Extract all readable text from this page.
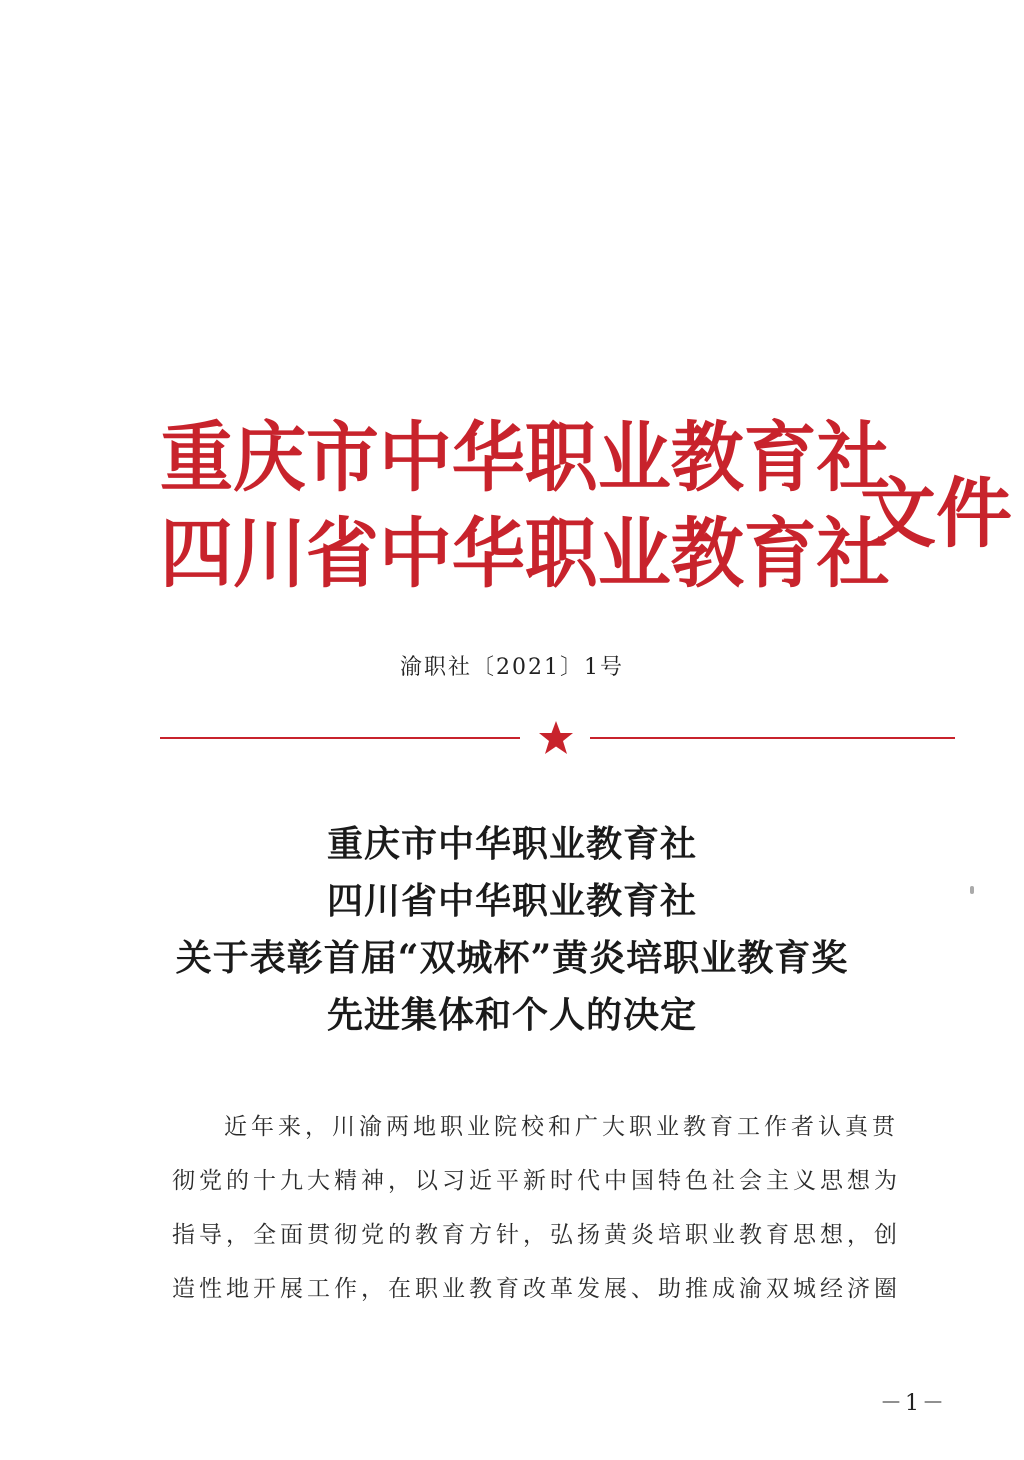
重庆市中华职业教育社
四川省中华职业教育社
文件
渝职社〔2021〕1号
重庆市中华职业教育社
四川省中华职业教育社
关于表彰首届“双城杯”黄炎培职业教育奖
先进集体和个人的决定
近年来，川渝两地职业院校和广大职业教育工作者认真贯
彻党的十九大精神，以习近平新时代中国特色社会主义思想为
指导，全面贯彻党的教育方针，弘扬黄炎培职业教育思想，创
造性地开展工作，在职业教育改革发展、助推成渝双城经济圈
－1－
